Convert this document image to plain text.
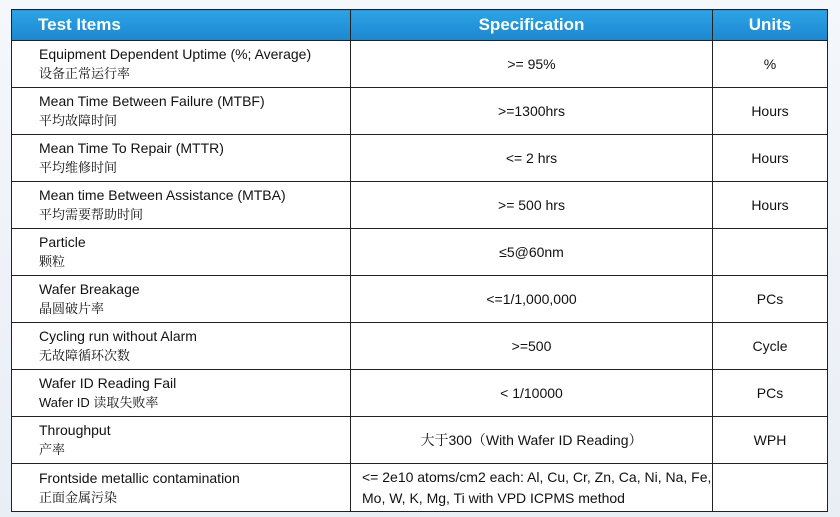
Test Items	Specification	Units

Equipment Dependent Uptime (%; Average)
设备正常运行率	>= 95%	%

Mean Time Between Failure (MTBF)
平均故障时间	>=1300hrs	Hours

Mean Time To Repair (MTTR)
平均维修时间	<= 2 hrs	Hours

Mean time Between Assistance (MTBA)
平均需要帮助时间	>= 500 hrs	Hours

Particle
颗粒	≤5@60nm	

Wafer Breakage
晶圆破片率	<=1/1,000,000	PCs

Cycling run without Alarm
无故障循环次数	>=500	Cycle

Wafer ID Reading Fail
Wafer ID 读取失败率	< 1/10000	PCs

Throughput
产率	大于300（With Wafer ID Reading）	WPH

Frontside metallic contamination
正面金属污染	<= 2e10 atoms/cm2 each: Al, Cu, Cr, Zn, Ca, Ni, Na, Fe, Mo, W, K, Mg, Ti with VPD ICPMS method	
